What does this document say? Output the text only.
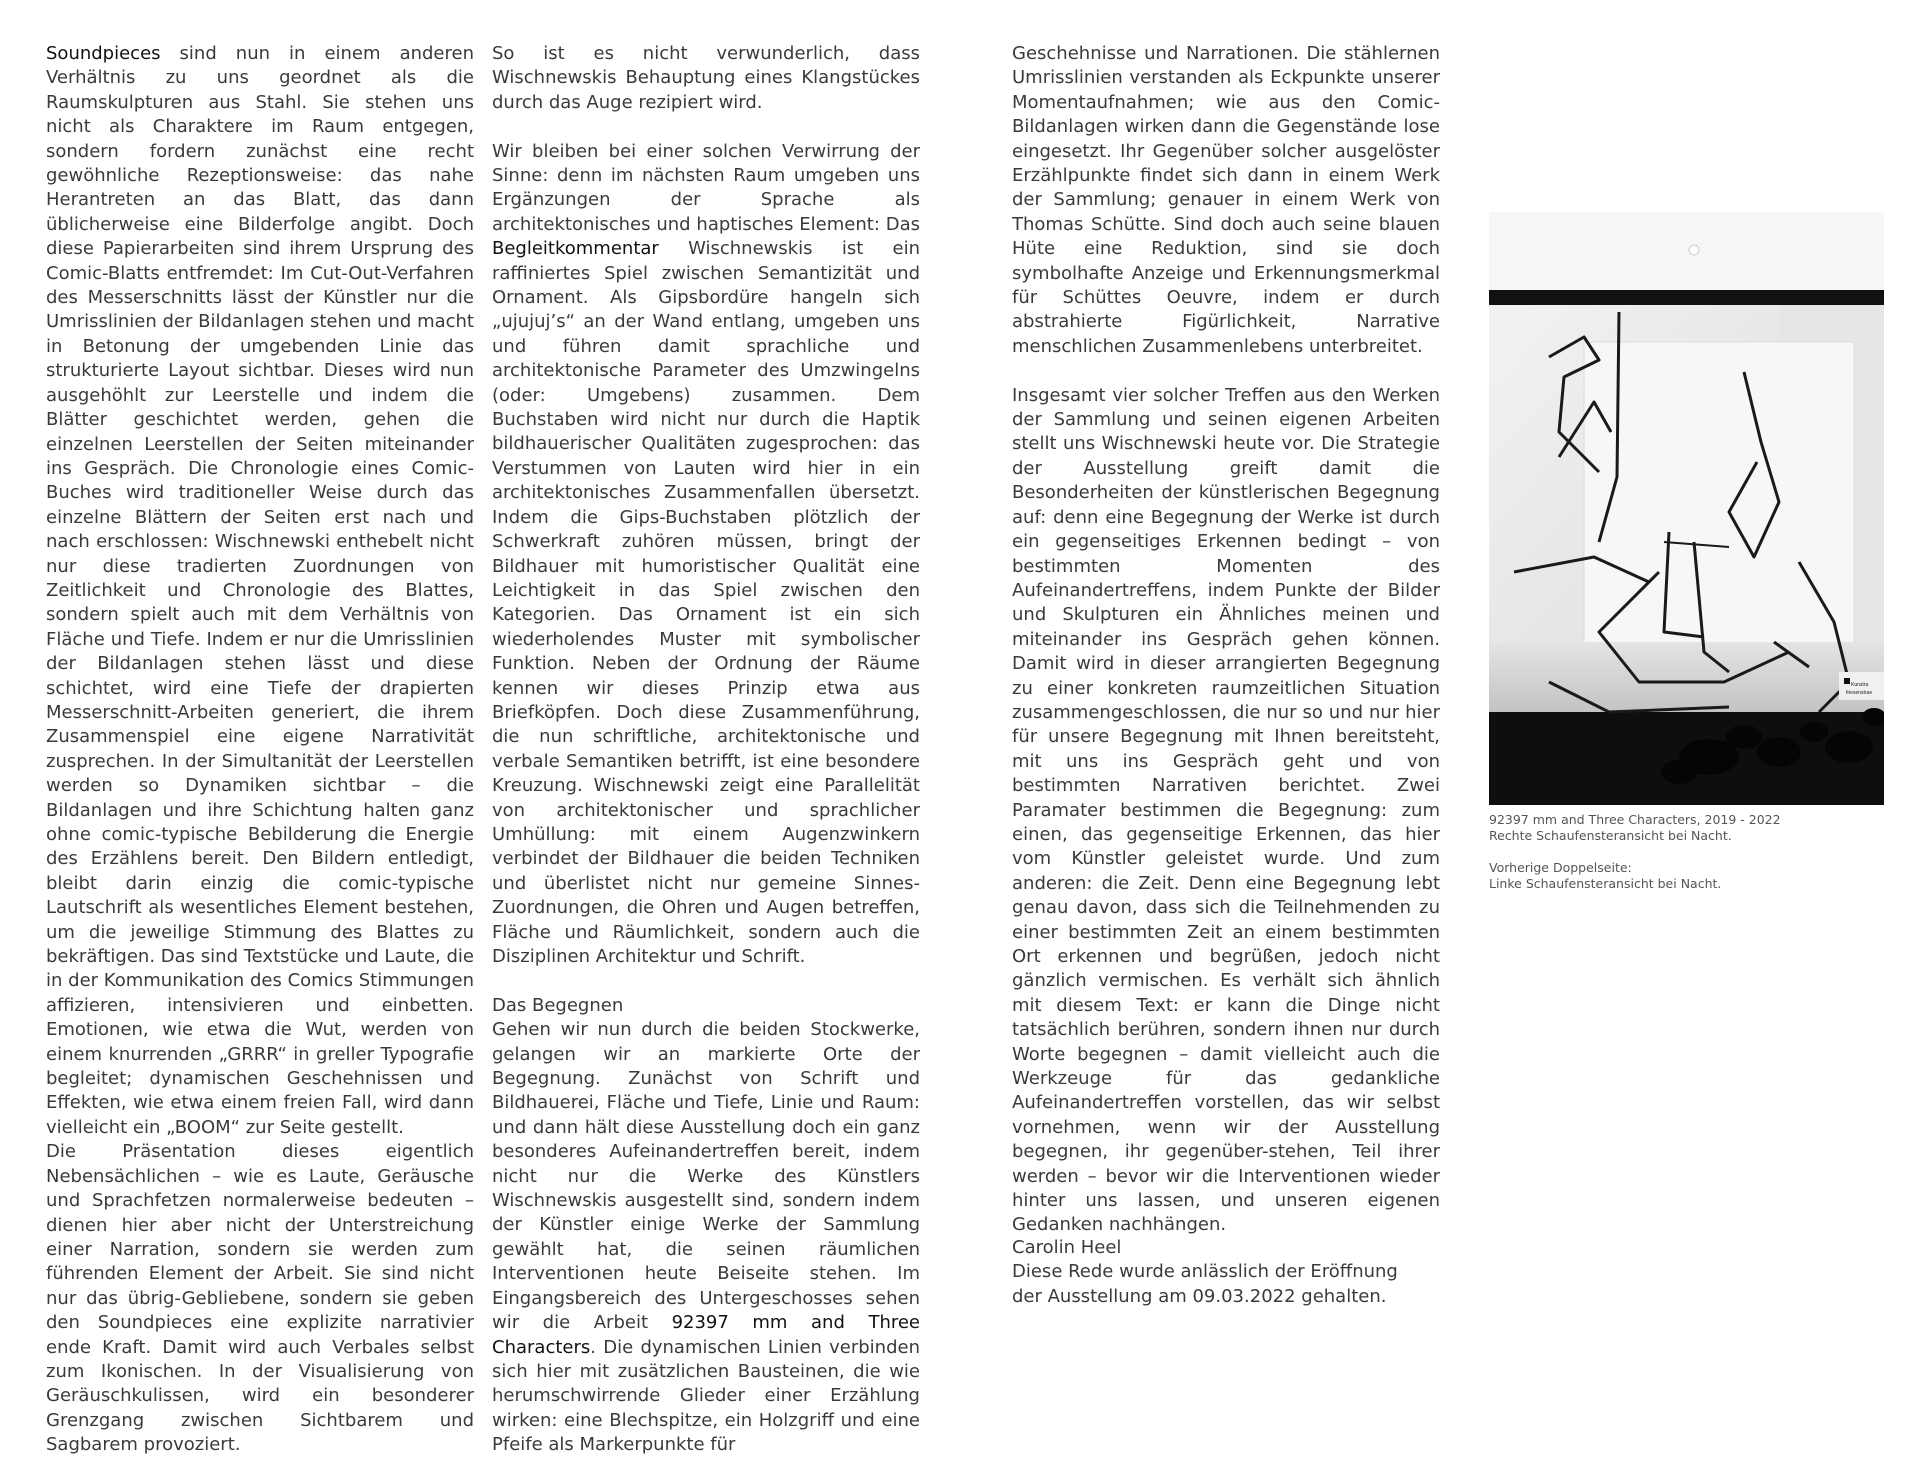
Soundpieces sind nun in einem anderen Verhältnis zu uns geordnet als die Raumskulpturen aus Stahl. Sie stehen uns nicht als Charaktere im Raum entgegen, sondern fordern zunächst eine recht gewöhnliche Rezeptionsweise: das nahe Herantreten an das Blatt, das dann üblicherweise eine Bilderfolge angibt. Doch diese Papierarbeiten sind ihrem Ursprung des Comic-Blatts entfremdet: Im Cut-Out-Verfahren des Messerschnitts lässt der Künstler nur die Umrisslinien der Bildanlagen stehen und macht in Betonung der umgebenden Linie das strukturierte Layout sichtbar. Dieses wird nun ausgehöhlt zur Leerstelle und indem die Blätter geschichtet werden, gehen die einzelnen Leerstellen der Seiten miteinander ins Gespräch. Die Chronologie eines Comic-Buches wird traditioneller Weise durch das einzelne Blättern der Seiten erst nach und nach erschlossen: Wischnewski enthebelt nicht nur diese tradierten Zuordnungen von Zeitlichkeit und Chronologie des Blattes, sondern spielt auch mit dem Verhältnis von Fläche und Tiefe. Indem er nur die Umrisslinien der Bildanlagen stehen lässt und diese schichtet, wird eine Tiefe der drapierten Messerschnitt-Arbeiten generiert, die ihrem Zusammenspiel eine eigene Narrativität zusprechen. In der Simultanität der Leerstellen werden so Dynamiken sichtbar – die Bildanlagen und ihre Schichtung halten ganz ohne comic-typische Bebilderung die Energie des Erzählens bereit. Den Bildern entledigt, bleibt darin einzig die comic-typische Lautschrift als wesentliches Element bestehen, um die jeweilige Stimmung des Blattes zu bekräftigen. Das sind Textstücke und Laute, die in der Kommunikation des Comics Stimmungen affizieren, intensivieren und einbetten. Emotionen, wie etwa die Wut, werden von einem knurrenden „GRRR“ in greller Typografie begleitet; dynamischen Geschehnissen und Effekten, wie etwa einem freien Fall, wird dann vielleicht ein „BOOM“ zur Seite gestellt.

Die Präsentation dieses eigentlich Nebensächlichen – wie es Laute, Geräusche und Sprachfetzen normalerweise bedeuten – dienen hier aber nicht der Unterstreichung einer Narration, sondern sie werden zum führenden Element der Arbeit. Sie sind nicht nur das übrig-Gebliebene, sondern sie geben den Soundpieces eine explizite narrativier ende Kraft. Damit wird auch Verbales selbst zum Ikonischen. In der Visualisierung von Geräuschkulissen, wird ein besonderer Grenzgang zwischen Sichtbarem und Sagbarem provoziert.

So ist es nicht verwunderlich, dass Wischnewskis Behauptung eines Klangstückes durch das Auge rezipiert wird.

Wir bleiben bei einer solchen Verwirrung der Sinne: denn im nächsten Raum umgeben uns Ergänzungen der Sprache als architektonisches und haptisches Element: Das Begleitkommentar Wischnewskis ist ein raffiniertes Spiel zwischen Semantizität und Ornament. Als Gipsbordüre hangeln sich „ujujuj’s“ an der Wand entlang, umgeben uns und führen damit sprachliche und architektonische Parameter des Umzwingelns (oder: Umgebens) zusammen. Dem Buchstaben wird nicht nur durch die Haptik bildhauerischer Qualitäten zugesprochen: das Verstummen von Lauten wird hier in ein architektonisches Zusammenfallen übersetzt. Indem die Gips-Buchstaben plötzlich der Schwerkraft zuhören müssen, bringt der Bildhauer mit humoristischer Qualität eine Leichtigkeit in das Spiel zwischen den Kategorien. Das Ornament ist ein sich wiederholendes Muster mit symbolischer Funktion. Neben der Ordnung der Räume kennen wir dieses Prinzip etwa aus Briefköpfen. Doch diese Zusammenführung, die nun schriftliche, architektonische und verbale Semantiken betrifft, ist eine besondere Kreuzung. Wischnewski zeigt eine Parallelität von architektonischer und sprachlicher Umhüllung: mit einem Augenzwinkern verbindet der Bildhauer die beiden Techniken und überlistet nicht nur gemeine Sinnes-Zuordnungen, die Ohren und Augen betreffen, Fläche und Räumlichkeit, sondern auch die Disziplinen Architektur und Schrift.

Das Begegnen

Gehen wir nun durch die beiden Stockwerke, gelangen wir an markierte Orte der Begegnung. Zunächst von Schrift und Bildhauerei, Fläche und Tiefe, Linie und Raum: und dann hält diese Ausstellung doch ein ganz besonderes Aufeinandertreffen bereit, indem nicht nur die Werke des Künstlers Wischnewskis ausgestellt sind, sondern indem der Künstler einige Werke der Sammlung gewählt hat, die seinen räumlichen Interventionen heute Beiseite stehen. Im Eingangsbereich des Untergeschosses sehen wir die Arbeit 92397 mm and Three Characters. Die dynamischen Linien verbinden sich hier mit zusätzlichen Bausteinen, die wie herumschwirrende Glieder einer Erzählung wirken: eine Blechspitze, ein Holzgriff und eine Pfeife als Markerpunkte für

Geschehnisse und Narrationen. Die stählernen Umrisslinien verstanden als Eckpunkte unserer Momentaufnahmen; wie aus den Comic-Bildanlagen wirken dann die Gegenstände lose eingesetzt. Ihr Gegenüber solcher ausgelöster Erzählpunkte findet sich dann in einem Werk der Sammlung; genauer in einem Werk von Thomas Schütte. Sind doch auch seine blauen Hüte eine Reduktion, sind sie doch symbolhafte Anzeige und Erkennungsmerkmal für Schüttes Oeuvre, indem er durch abstrahierte Figürlichkeit, Narrative menschlichen Zusammenlebens unterbreitet.

Insgesamt vier solcher Treffen aus den Werken der Sammlung und seinen eigenen Arbeiten stellt uns Wischnewski heute vor. Die Strategie der Ausstellung greift damit die Besonderheiten der künstlerischen Begegnung auf: denn eine Begegnung der Werke ist durch ein gegenseitiges Erkennen bedingt – von bestimmten Momenten des Aufeinandertreffens, indem Punkte der Bilder und Skulpturen ein Ähnliches meinen und miteinander ins Gespräch gehen können. Damit wird in dieser arrangierten Begegnung zu einer konkreten raumzeitlichen Situation zusammengeschlossen, die nur so und nur hier für unsere Begegnung mit Ihnen bereitsteht, mit uns ins Gespräch geht und von bestimmten Narrativen berichtet. Zwei Paramater bestimmen die Begegnung: zum einen, das gegenseitige Erkennen, das hier vom Künstler geleistet wurde. Und zum anderen: die Zeit. Denn eine Begegnung lebt genau davon, dass sich die Teilnehmenden zu einer bestimmten Zeit an einem bestimmten Ort erkennen und begrüßen, jedoch nicht gänzlich vermischen. Es verhält sich ähnlich mit diesem Text: er kann die Dinge nicht tatsächlich berühren, sondern ihnen nur durch Worte begegnen – damit vielleicht auch die Werkzeuge für das gedankliche Aufeinandertreffen vorstellen, das wir selbst vornehmen, wenn wir der Ausstellung begegnen, ihr gegenüber-stehen, Teil ihrer werden – bevor wir die Interventionen wieder hinter uns lassen, und unseren eigenen Gedanken nachhängen.

Carolin Heel

Diese Rede wurde anlässlich der Eröffnung

der Ausstellung am 09.03.2022 gehalten.

Kunstra
friesenstrae

92397 mm and Three Characters, 2019 - 2022

Rechte Schaufensteransicht bei Nacht.

Vorherige Doppelseite:

Linke Schaufensteransicht bei Nacht.
